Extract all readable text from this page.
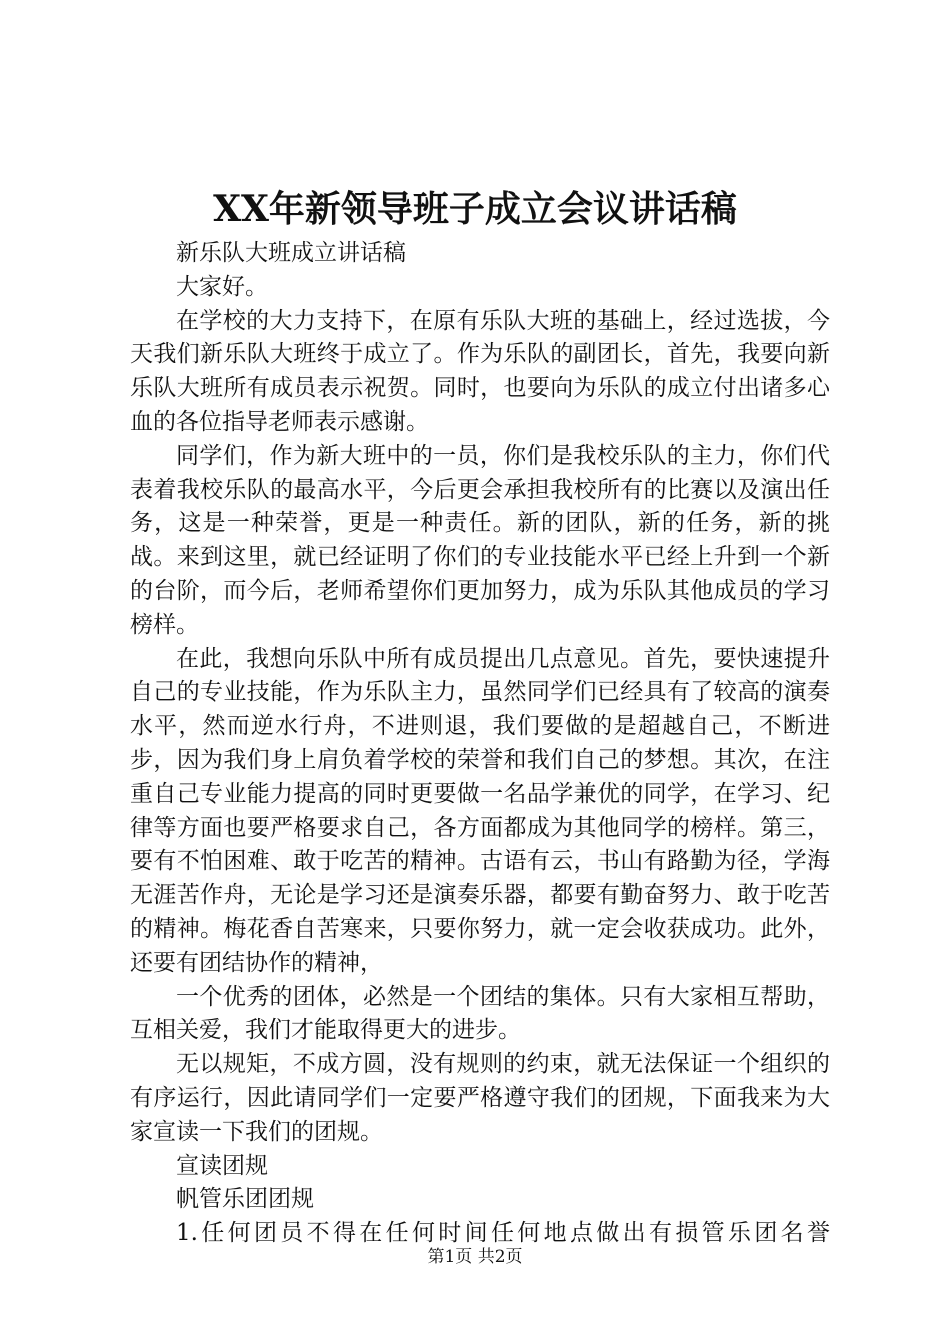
XX年新领导班子成立会议讲话稿

新乐队大班成立讲话稿

大家好。

在学校的大力支持下，在原有乐队大班的基础上，经过选拔，今天我们新乐队大班终于成立了。作为乐队的副团长，首先，我要向新乐队大班所有成员表示祝贺。同时，也要向为乐队的成立付出诸多心血的各位指导老师表示感谢。

同学们，作为新大班中的一员，你们是我校乐队的主力，你们代表着我校乐队的最高水平，今后更会承担我校所有的比赛以及演出任务，这是一种荣誉，更是一种责任。新的团队，新的任务，新的挑战。来到这里，就已经证明了你们的专业技能水平已经上升到一个新的台阶，而今后，老师希望你们更加努力，成为乐队其他成员的学习榜样。

在此，我想向乐队中所有成员提出几点意见。首先，要快速提升自己的专业技能，作为乐队主力，虽然同学们已经具有了较高的演奏水平，然而逆水行舟，不进则退，我们要做的是超越自己，不断进步，因为我们身上肩负着学校的荣誉和我们自己的梦想。其次，在注重自己专业能力提高的同时更要做一名品学兼优的同学，在学习、纪律等方面也要严格要求自己，各方面都成为其他同学的榜样。第三，要有不怕困难、敢于吃苦的精神。古语有云，书山有路勤为径，学海无涯苦作舟，无论是学习还是演奏乐器，都要有勤奋努力、敢于吃苦的精神。梅花香自苦寒来，只要你努力，就一定会收获成功。此外，还要有团结协作的精神，

一个优秀的团体，必然是一个团结的集体。只有大家相互帮助，互相关爱，我们才能取得更大的进步。

无以规矩，不成方圆，没有规则的约束，就无法保证一个组织的有序运行，因此请同学们一定要严格遵守我们的团规，下面我来为大家宣读一下我们的团规。

宣读团规

帆管乐团团规

1.任何团员不得在任何时间任何地点做出有损管乐团名誉

第1页 共2页
